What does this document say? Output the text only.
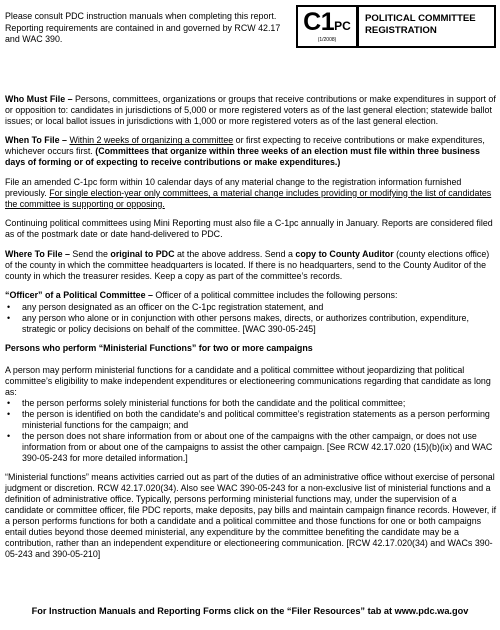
Please consult PDC instruction manuals when completing this report. Reporting requirements are contained in and governed by RCW 42.17 and WAC 390.
C1PC
(1/2008)
POLITICAL COMMITTEE
REGISTRATION

Who Must File – Persons, committees, organizations or groups that receive contributions or make expenditures in support of or opposition to: candidates in jurisdictions of 5,000 or more registered voters as of the last general election; statewide ballot issues; or local ballot issues in jurisdictions with 1,000 or more registered voters as of the last general election.

When To File – Within 2 weeks of organizing a committee or first expecting to receive contributions or make expenditures, whichever occurs first. (Committees that organize within three weeks of an election must file within three business days of forming or of expecting to receive contributions or make expenditures.)

File an amended C-1pc form within 10 calendar days of any material change to the registration information furnished previously. For single election-year only committees, a material change includes providing or modifying the list of candidates the committee is supporting or opposing.

Continuing political committees using Mini Reporting must also file a C-1pc annually in January. Reports are considered filed as of the postmark date or date hand-delivered to PDC.

Where To File – Send the original to PDC at the above address. Send a copy to County Auditor (county elections office) of the county in which the committee headquarters is located. If there is no headquarters, send to the County Auditor of the county in which the treasurer resides. Keep a copy as part of the committee’s records.

“Officer” of a Political Committee – Officer of a political committee includes the following persons:

• any person designated as an officer on the C-1pc registration statement, and
• any person who alone or in conjunction with other persons makes, directs, or authorizes contribution, expenditure, strategic or policy decisions on behalf of the committee. [WAC 390-05-245]

Persons who perform “Ministerial Functions” for two or more campaigns

A person may perform ministerial functions for a candidate and a political committee without jeopardizing that political committee’s eligibility to make independent expenditures or electioneering communications regarding that candidate as long as:

• the person performs solely ministerial functions for both the candidate and the political committee;
• the person is identified on both the candidate’s and political committee’s registration statements as a person performing ministerial functions for the campaign; and
• the person does not share information from or about one of the campaigns with the other campaign, or does not use information from or about one of the campaigns to assist the other campaign. [See RCW 42.17.020 (15)(b)(ix) and WAC 390-05-243 for more detailed information.]

“Ministerial functions” means activities carried out as part of the duties of an administrative office without exercise of personal judgment or discretion. RCW 42.17.020(34). Also see WAC 390-05-243 for a non-exclusive list of ministerial functions and a definition of administrative office. Typically, persons performing ministerial functions may, under the supervision of a candidate or committee officer, file PDC reports, make deposits, pay bills and maintain campaign finance records. However, if a person performs functions for both a candidate and a political committee and those functions for one or both campaigns entail duties beyond those deemed ministerial, any expenditure by the committee benefiting the candidate may be a contribution, rather than an independent expenditure or electioneering communication. [RCW 42.17.020(34) and WACs 390-05-243 and 390-05-210]

For Instruction Manuals and Reporting Forms click on the “Filer Resources” tab at www.pdc.wa.gov
